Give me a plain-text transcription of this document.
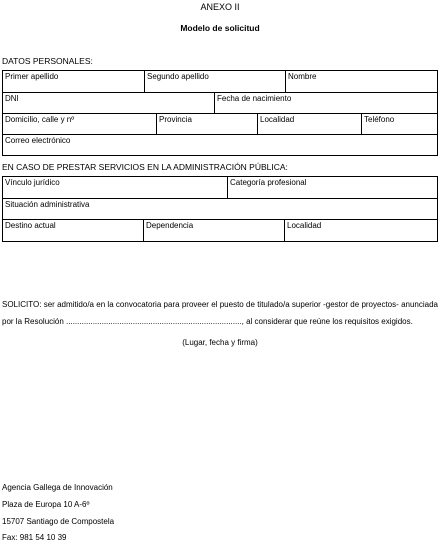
ANEXO II
Modelo de solicitud
DATOS PERSONALES:
Primer apellido	Segundo apellido	Nombre
DNI	Fecha de nacimiento
Domicilio, calle y nº	Provincia	Localidad	Teléfono
Correo electrónico
EN CASO DE PRESTAR SERVICIOS EN LA ADMINISTRACIÓN PÚBLICA:
Vínculo jurídico	Categoría profesional
Situación administrativa
Destino actual	Dependencia	Localidad
SOLICITO: ser admitido/a en la convocatoria para proveer el puesto de titulado/a superior -gestor de proyectos- anunciada por la Resolución ..............................................................................., al considerar que reúne los requisitos exigidos.
(Lugar, fecha y firma)
Agencia Gallega de Innovación
Plaza de Europa 10 A-6º
15707 Santiago de Compostela
Fax: 981 54 10 39
